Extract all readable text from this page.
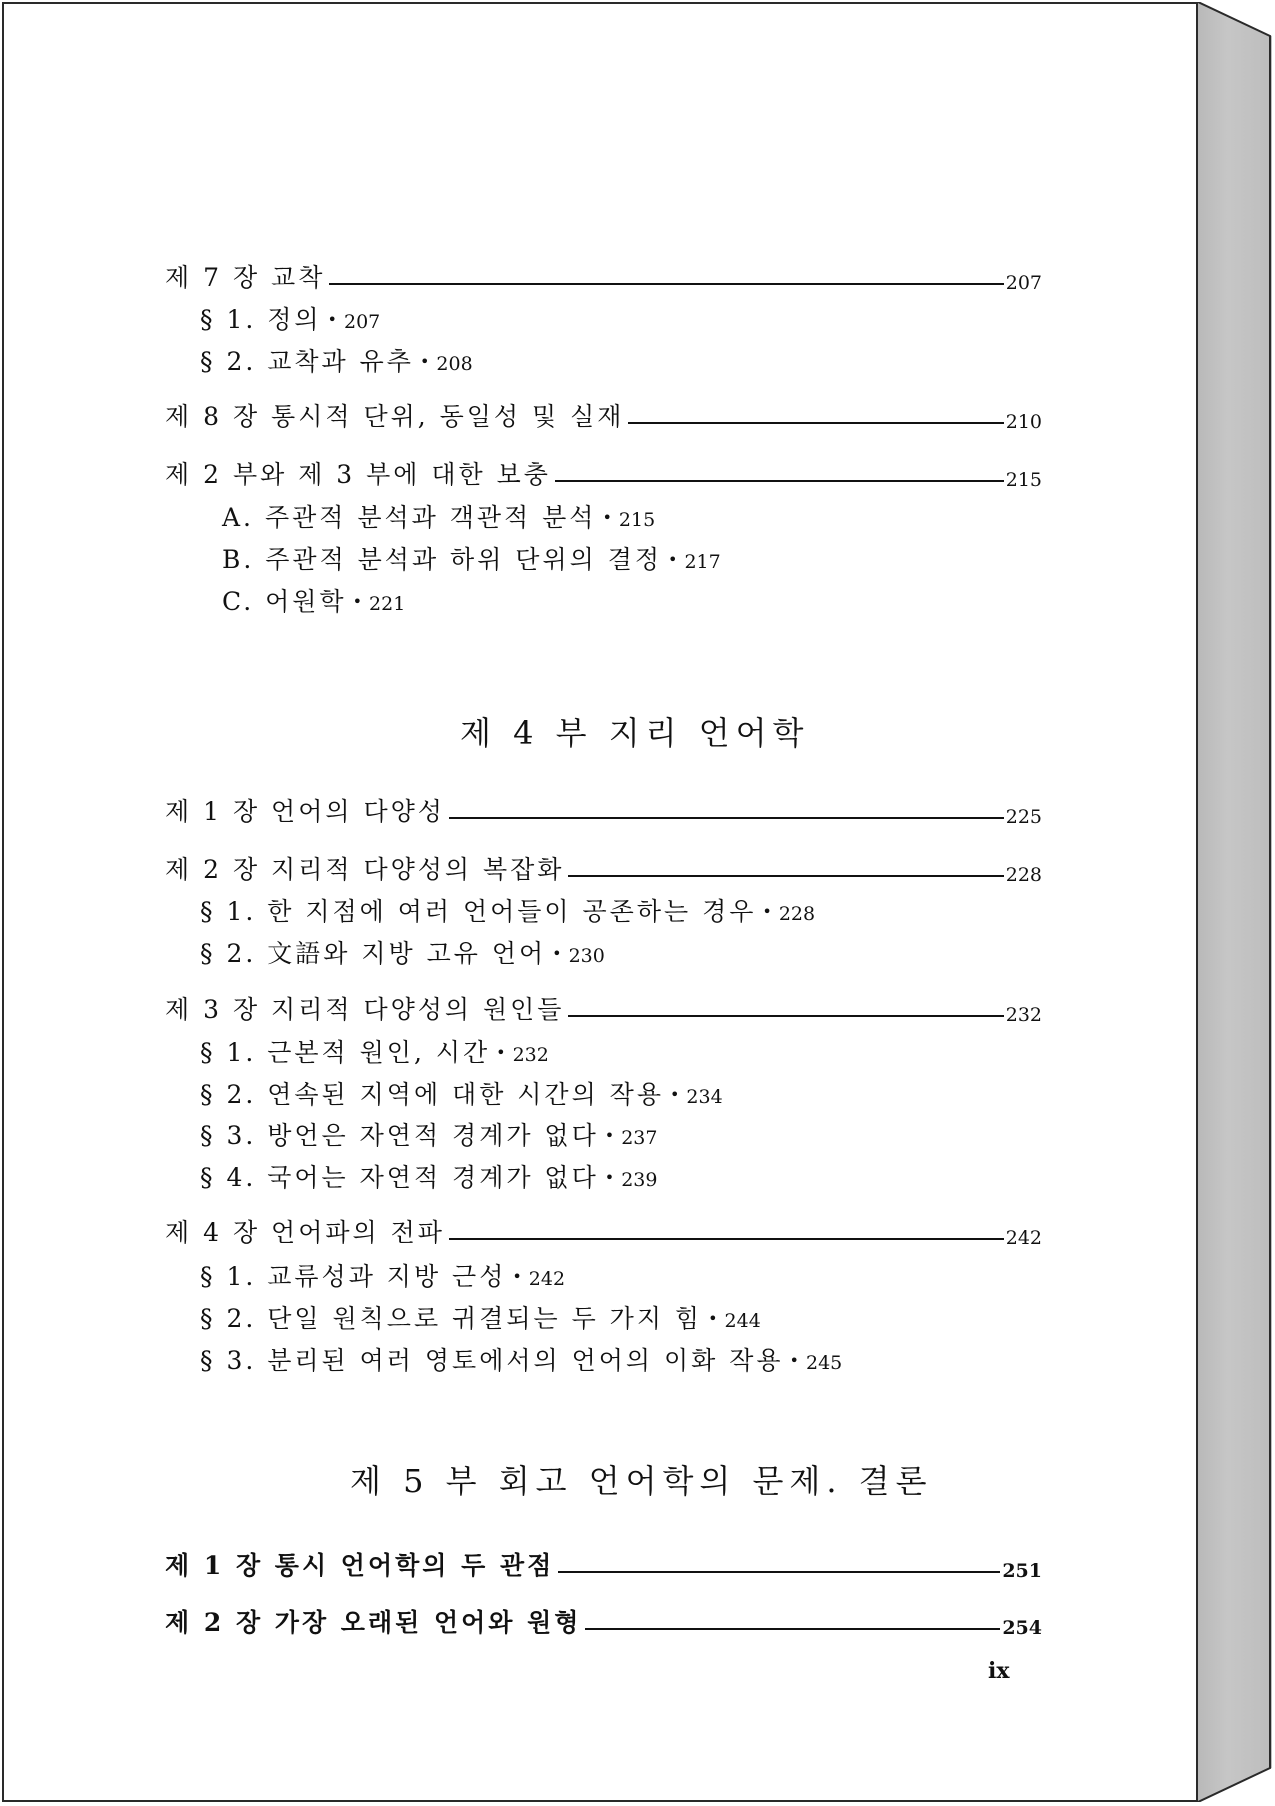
제 7 장 교착	207
§ 1. 정의 • 207
§ 2. 교착과 유추 • 208
제 8 장 통시적 단위, 동일성 및 실재	210
제 2 부와 제 3 부에 대한 보충	215
A. 주관적 분석과 객관적 분석 • 215
B. 주관적 분석과 하위 단위의 결정 • 217
C. 어원학 • 221
제 4 부 지리 언어학
제 1 장 언어의 다양성	225
제 2 장 지리적 다양성의 복잡화	228
§ 1. 한 지점에 여러 언어들이 공존하는 경우 • 228
§ 2. 文語와 지방 고유 언어 • 230
제 3 장 지리적 다양성의 원인들	232
§ 1. 근본적 원인, 시간 • 232
§ 2. 연속된 지역에 대한 시간의 작용 • 234
§ 3. 방언은 자연적 경계가 없다 • 237
§ 4. 국어는 자연적 경계가 없다 • 239
제 4 장 언어파의 전파	242
§ 1. 교류성과 지방 근성 • 242
§ 2. 단일 원칙으로 귀결되는 두 가지 힘 • 244
§ 3. 분리된 여러 영토에서의 언어의 이화 작용 • 245
제 5 부 회고 언어학의 문제. 결론
제 1 장 통시 언어학의 두 관점	251
제 2 장 가장 오래된 언어와 원형	254
ix
